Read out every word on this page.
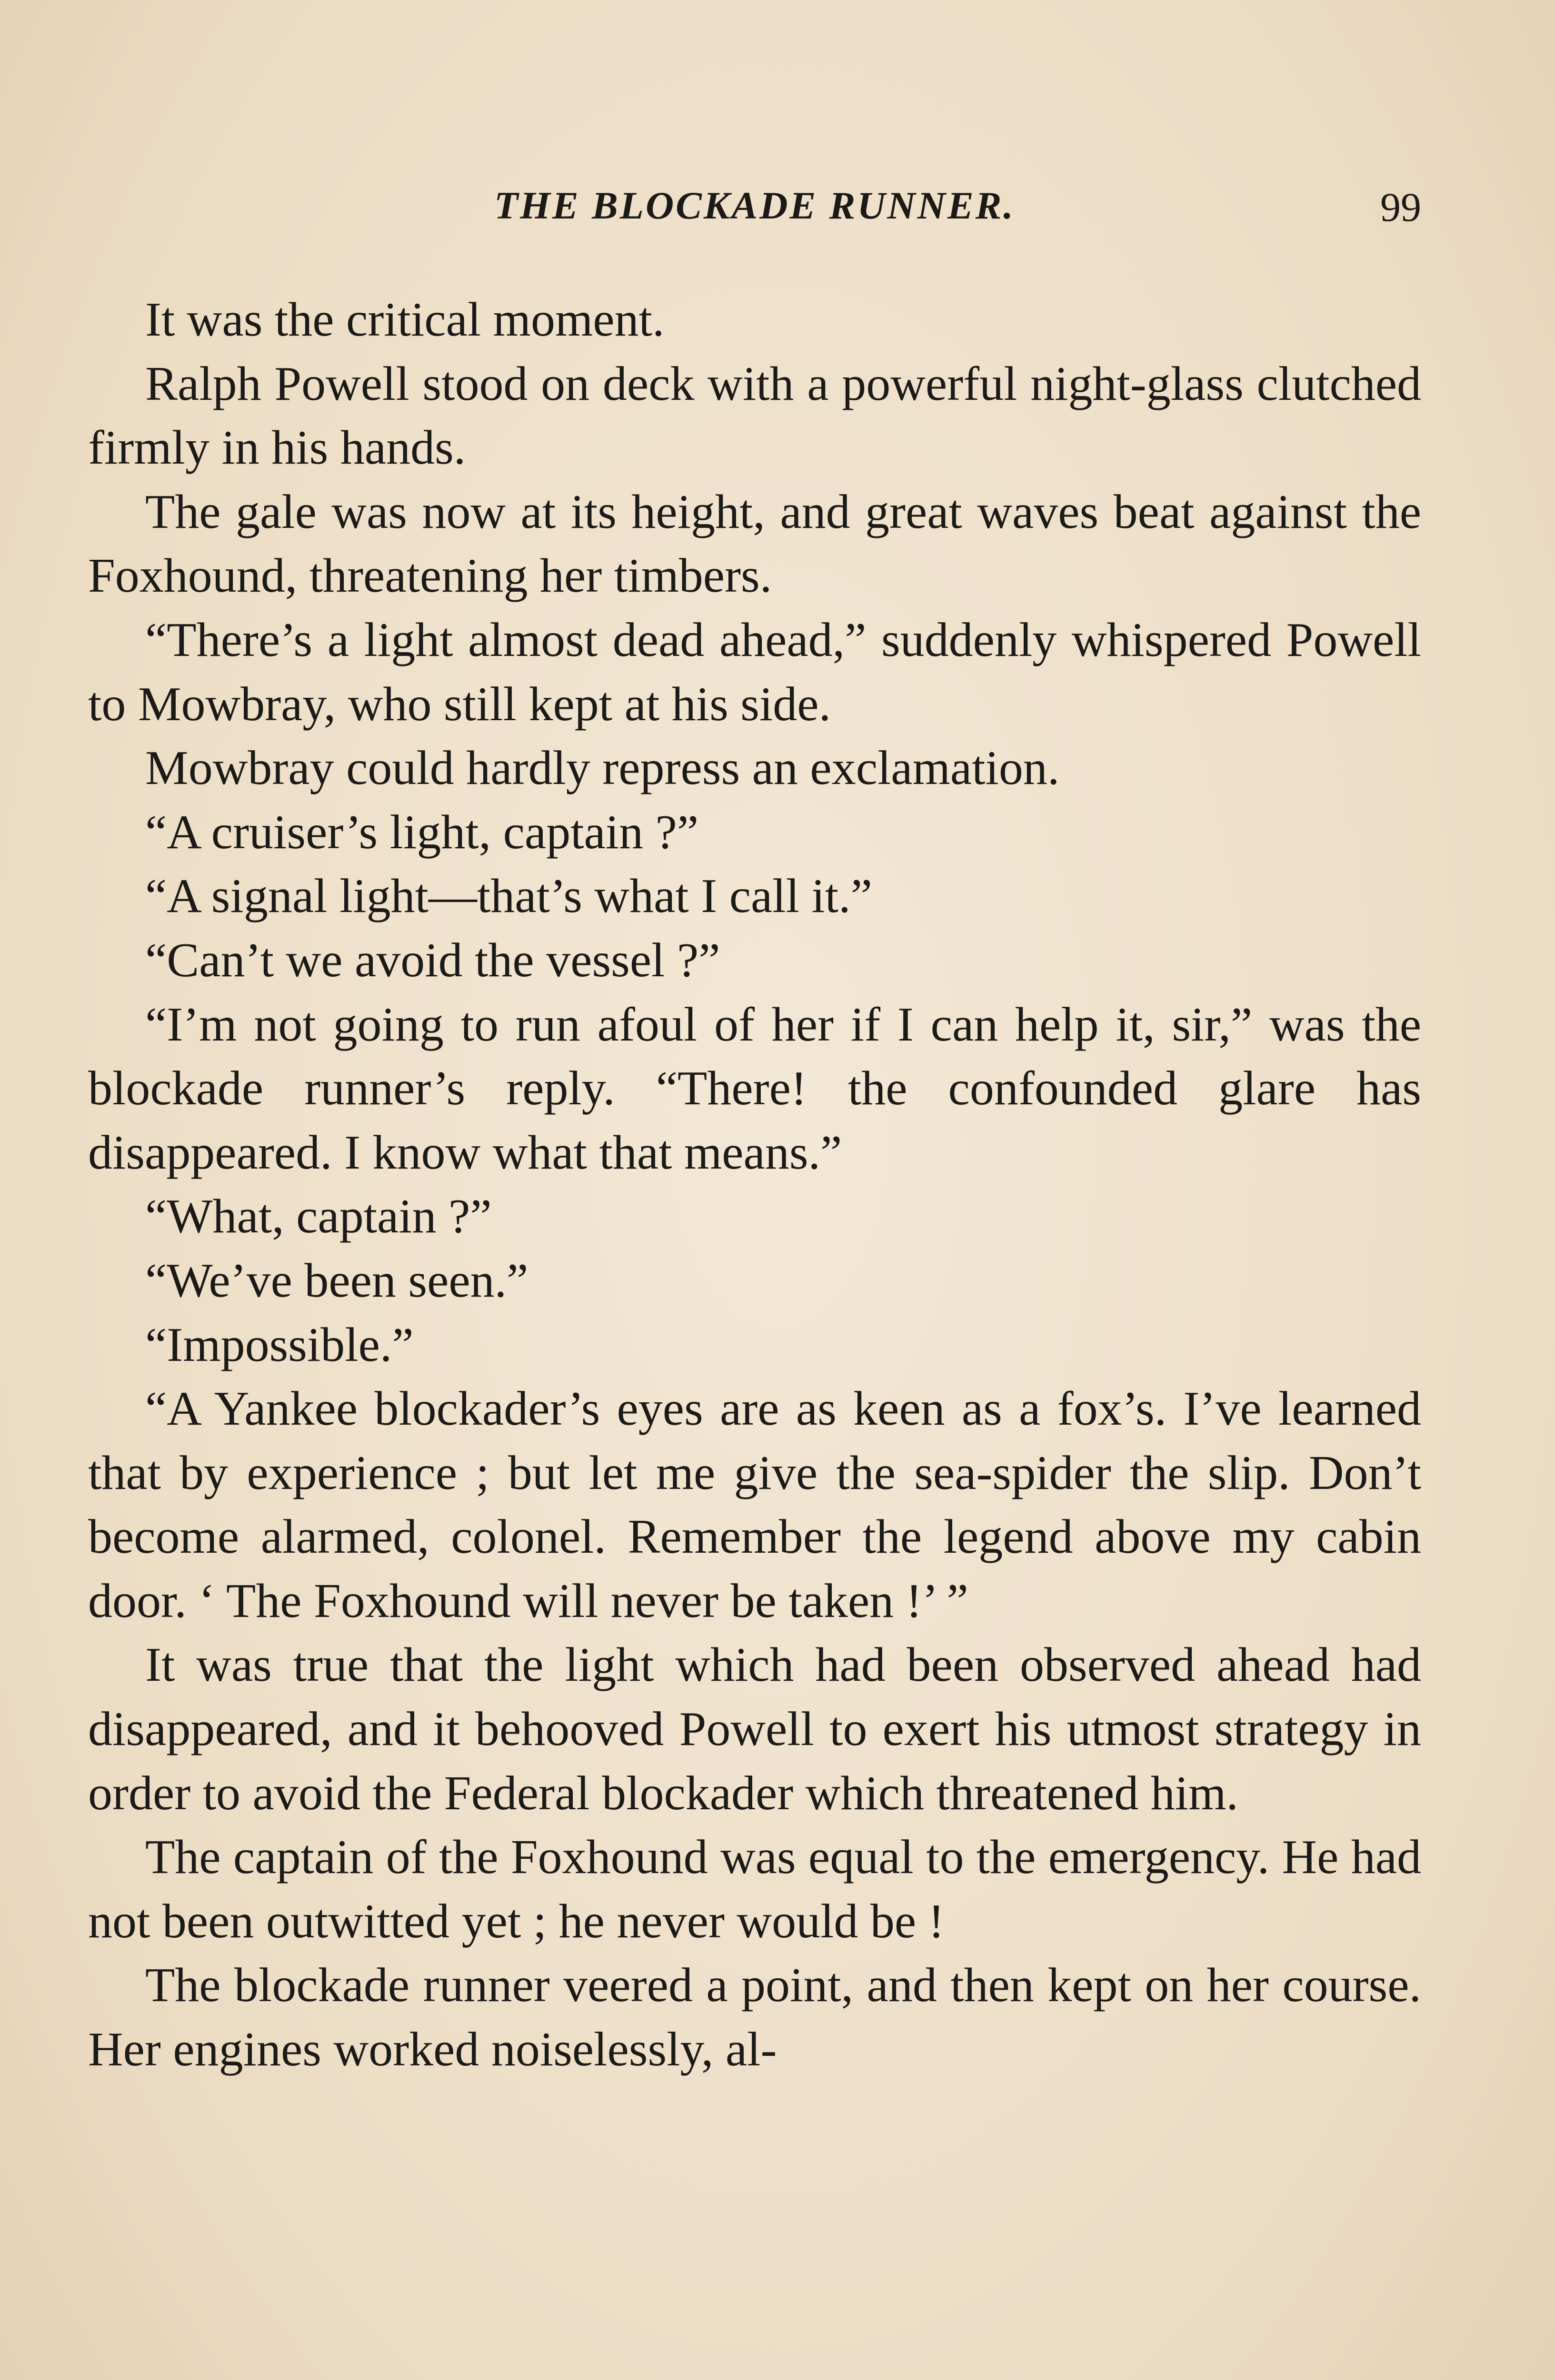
THE BLOCKADE RUNNER.	99

It was the critical moment.

Ralph Powell stood on deck with a powerful night-glass clutched firmly in his hands.

The gale was now at its height, and great waves beat against the Foxhound, threatening her timbers.

“There’s a light almost dead ahead,” suddenly whispered Powell to Mowbray, who still kept at his side.

Mowbray could hardly repress an exclamation.

“A cruiser’s light, captain ?”

“A signal light—that’s what I call it.”

“Can’t we avoid the vessel ?”

“I’m not going to run afoul of her if I can help it, sir,” was the blockade runner’s reply. “There! the confounded glare has disappeared. I know what that means.”

“What, captain ?”

“We’ve been seen.”

“Impossible.”

“A Yankee blockader’s eyes are as keen as a fox’s. I’ve learned that by experience ; but let me give the sea-spider the slip. Don’t become alarmed, colonel. Remember the legend above my cabin door. ‘ The Foxhound will never be taken !’ ”

It was true that the light which had been observed ahead had disappeared, and it behooved Powell to exert his utmost strategy in order to avoid the Federal blockader which threatened him.

The captain of the Foxhound was equal to the emergency. He had not been outwitted yet ; he never would be !

The blockade runner veered a point, and then kept on her course. Her engines worked noiselessly, al-
